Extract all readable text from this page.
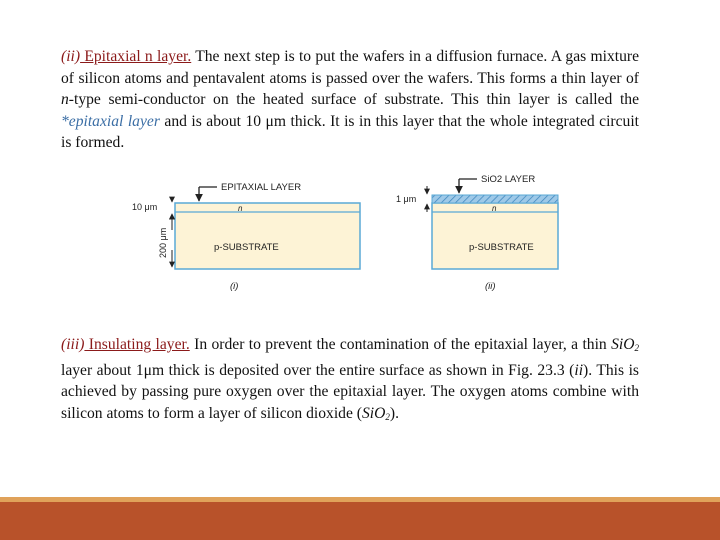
(ii) Epitaxial n layer. The next step is to put the wafers in a diffusion furnace. A gas mixture of silicon atoms and pentavalent atoms is passed over the wafers. This forms a thin layer of n-type semi-conductor on the heated surface of substrate. This thin layer is called the *epitaxial layer and is about 10 μm thick. It is in this layer that the whole integrated circuit is formed.
n
p-SUBSTRATE
EPITAXIAL LAYER
10 μm
200 μm
(i)
n
p-SUBSTRATE
SiO2 LAYER
1 μm
(ii)
(iii) Insulating layer. In order to prevent the contamination of the epitaxial layer, a thin SiO$_2$ layer about 1μm thick is deposited over the entire surface as shown in Fig. 23.3 (ii). This is achieved by passing pure oxygen over the epitaxial layer. The oxygen atoms combine with silicon atoms to form a layer of silicon dioxide (SiO$_2$).
